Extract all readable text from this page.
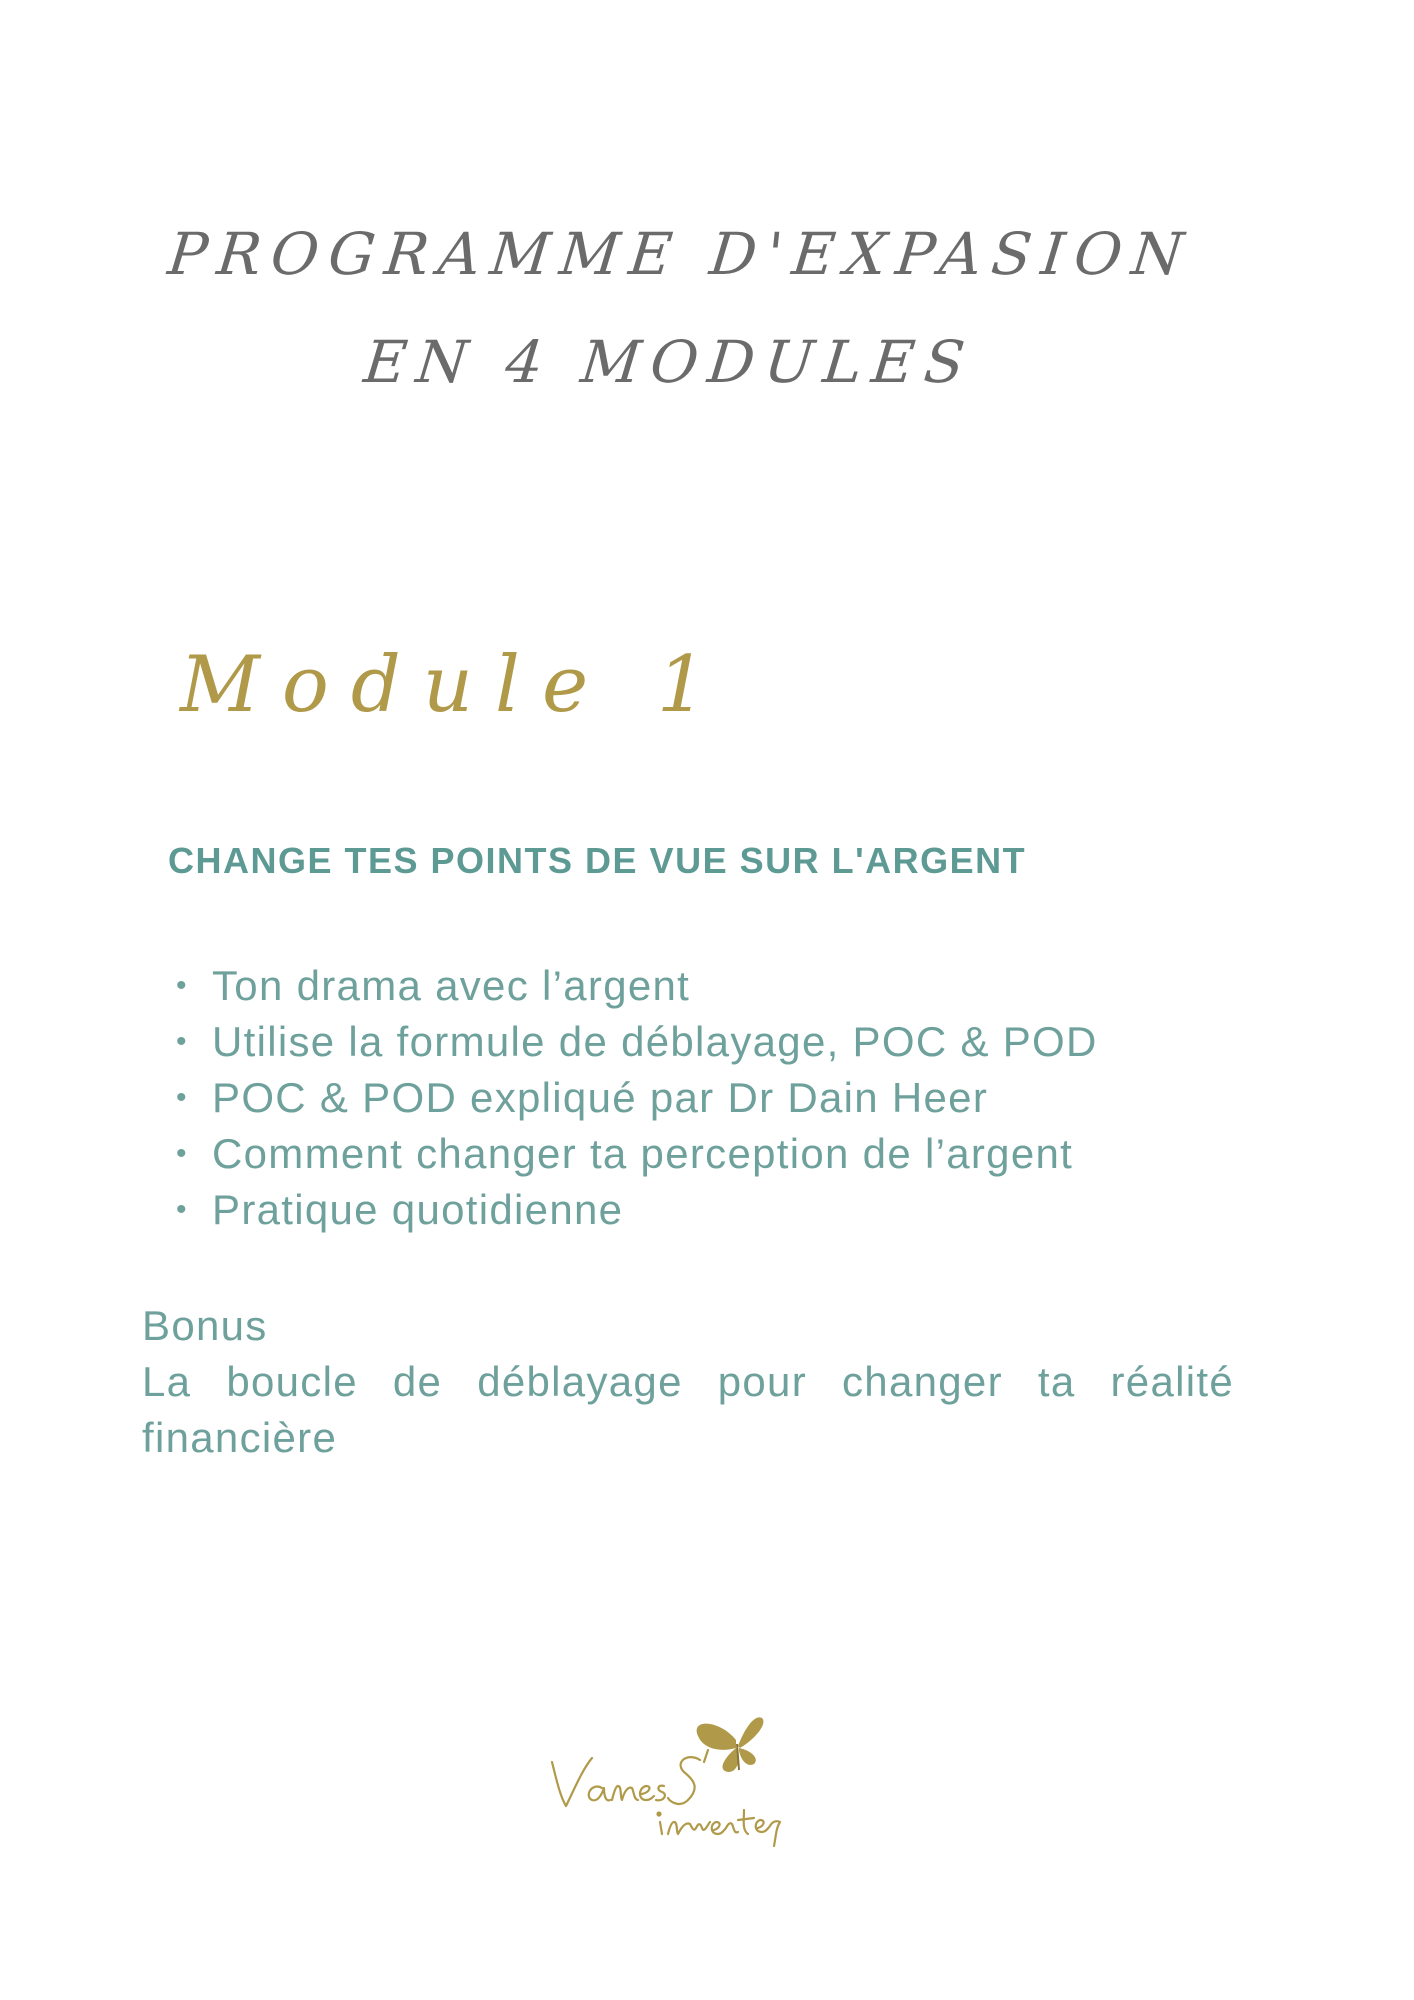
PROGRAMME D'EXPASION
EN 4 MODULES
Module 1
CHANGE TES POINTS DE VUE SUR L'ARGENT
• Ton drama avec l’argent
• Utilise la formule de déblayage, POC & POD
• POC & POD expliqué par Dr Dain Heer
• Comment changer ta perception de l’argent
• Pratique quotidienne
Bonus
La boucle de déblayage pour changer ta réalité financière
